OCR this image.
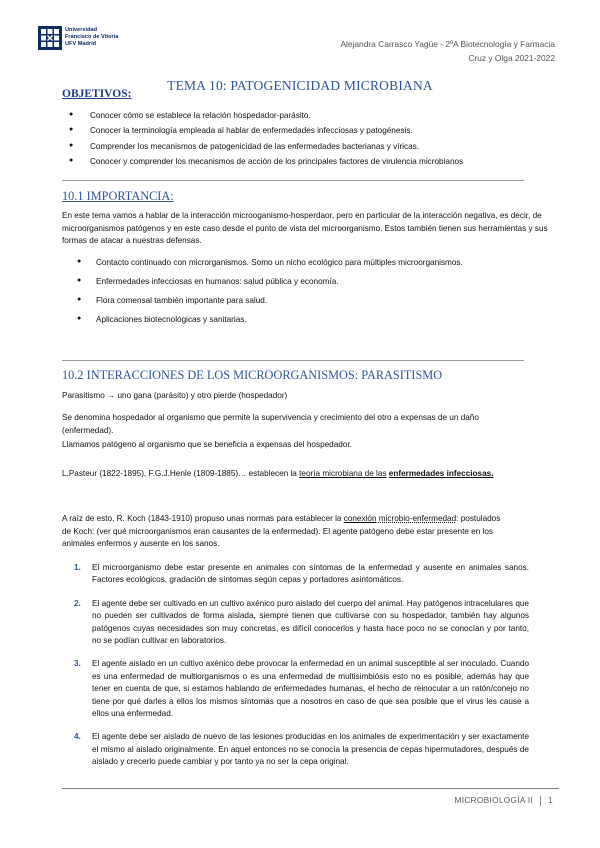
Universidad
Francisco de Vitoria
UFV Madrid	Alejandra Carrasco Yagüe - 2ºA Biotecnología y Farmacia
Cruz y Olga 2021-2022
TEMA 10: PATOGENICIDAD MICROBIANA
OBJETIVOS:
● Conocer cómo se establece la relación hospedador-parásito.
● Conocer la terminología empleada al hablar de enfermedades infecciosas y patogénesis.
● Comprender los mecanismos de patogenicidad de las enfermedades bacterianas y víricas.
● Conocer y comprender los mecanismos de acción de los principales factores de virulencia microbianos
10.1 IMPORTANCIA:
En este tema vamos a hablar de la interacción microoganismo-hosperdaor, pero en particular de la interacción negativa, es decir, de microorganismos patógenos y en este caso desde el punto de vista del microorganismo. Estos también tienen sus herramientas y sus formas de atacar a nuestras defensas.
● Contacto continuado con microrganismos. Somo un nicho ecológico para múltiples microorganismos.
● Enfermedades infecciosas en humanos: salud pública y economía.
● Flora comensal también importante para salud.
● Aplicaciones biotecnológicas y sanitarias.
10.2 INTERACCIONES DE LOS MICROORGANISMOS: PARASITISMO
Parasitismo → uno gana (parásito) y otro pierde (hospedador)
Se denomina hospedador al organismo que permite la supervivencia y crecimiento del otro a expensas de un daño (enfermedad).
Llamamos patógeno al organismo que se beneficia a expensas del hospedador.
L.Pasteur (1822-1895), F.G.J.Henle (1809-1885)… establecen la teoría microbiana de las enfermedades infecciosas.
A raíz de esto, R. Koch (1843-1910) propuso unas normas para establecer la conexión microbio-enfermedad: postulados de Koch: (ver qué microorganismos eran causantes de la enfermedad). El agente patógeno debe estar presente en los animales enfermos y ausente en los sanos.
1. El microorganismo debe estar presente en animales con síntomas de la enfermedad y ausente en animales sanos. Factores ecológicos, gradación de síntomas según cepas y portadores asintomáticos.
2. El agente debe ser cultivado en un cultivo axénico puro aislado del cuerpo del animal. Hay patógenos intracelulares que no pueden ser cultivados de forma aislada, siempre tienen que cultivarse con su hospedador, también hay algunos patógenos cuyas necesidades son muy concretas, es difícil conocerlos y hasta hace poco no se conocían y por tanto, no se podían cultivar en laboratorios.
3. El agente aislado en un cultivo axénico debe provocar la enfermedad en un animal susceptible al ser inoculado. Cuando es una enfermedad de multiorganismos o es una enfermedad de multisimbiósis esto no es posible, además hay que tener en cuenta de que, si estamos hablando de enfermedades humanas, el hecho de reinocular a un ratón/conejo no tiene por qué darles a ellos los mismos síntomas que a nosotros en caso de que sea posible que el virus les cause a ellos una enfermedad.
4. El agente debe ser aislado de nuevo de las lesiones producidas en los animales de experimentación y ser exactamente el mismo al aislado originalmente. En aquel entonces no se conocía la presencia de cepas hipermutadores, después de aislado y crecerlo puede cambiar y por tanto ya no ser la cepa original.
MICROBIOLOGÍA II 1
